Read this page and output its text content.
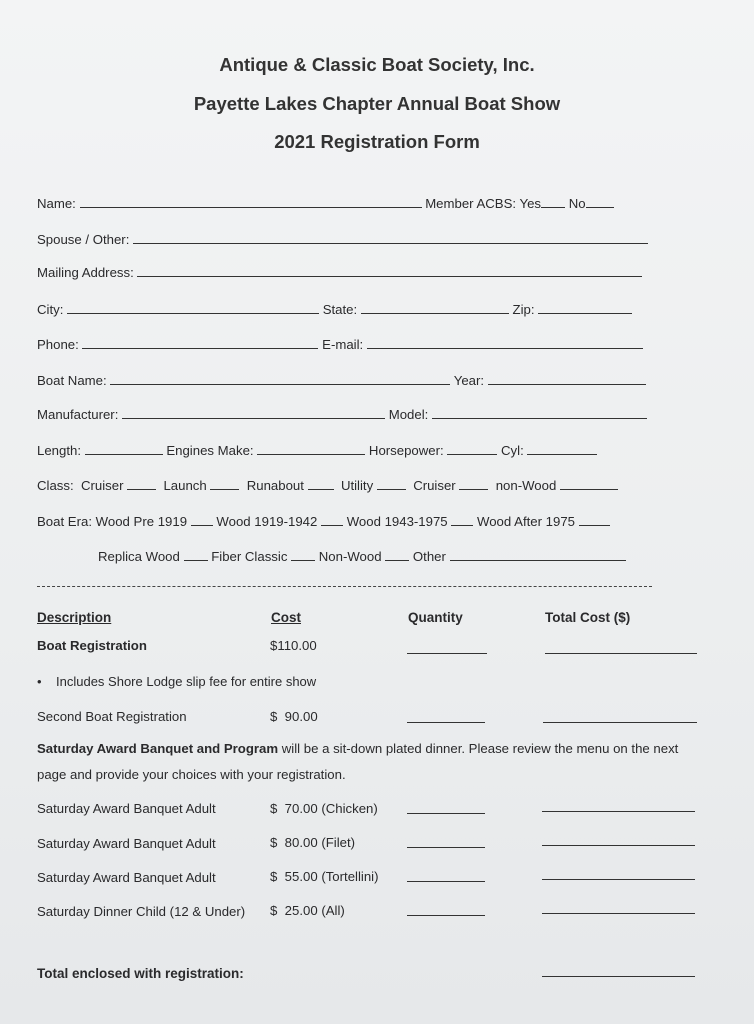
Antique & Classic Boat Society, Inc.
Payette Lakes Chapter Annual Boat Show
2021 Registration Form
Name:	Member ACBS: Yes No
Spouse / Other:
Mailing Address:
City:	State:	Zip:
Phone:	E-mail:
Boat Name:	Year:
Manufacturer:	Model:
Length:	Engines Make:	Horsepower:	Cyl:
Class: Cruiser	Launch	Runabout	Utility	Cruiser	non-Wood
Boat Era: Wood Pre 1919 Wood 1919-1942 Wood 1943-1975 Wood After 1975
Replica Wood Fiber Classic Non-Wood Other
Description	Cost	Quantity	Total Cost ($)
Boat Registration	$110.00
• Includes Shore Lodge slip fee for entire show
Second Boat Registration	$  90.00
Saturday Award Banquet and Program will be a sit-down plated dinner. Please review the menu on the next
page and provide your choices with your registration.
Saturday Award Banquet Adult	$  70.00 (Chicken)
Saturday Award Banquet Adult	$  80.00 (Filet)
Saturday Award Banquet Adult	$  55.00 (Tortellini)
Saturday Dinner Child (12 & Under) $  25.00 (All)
Total enclosed with registration:
